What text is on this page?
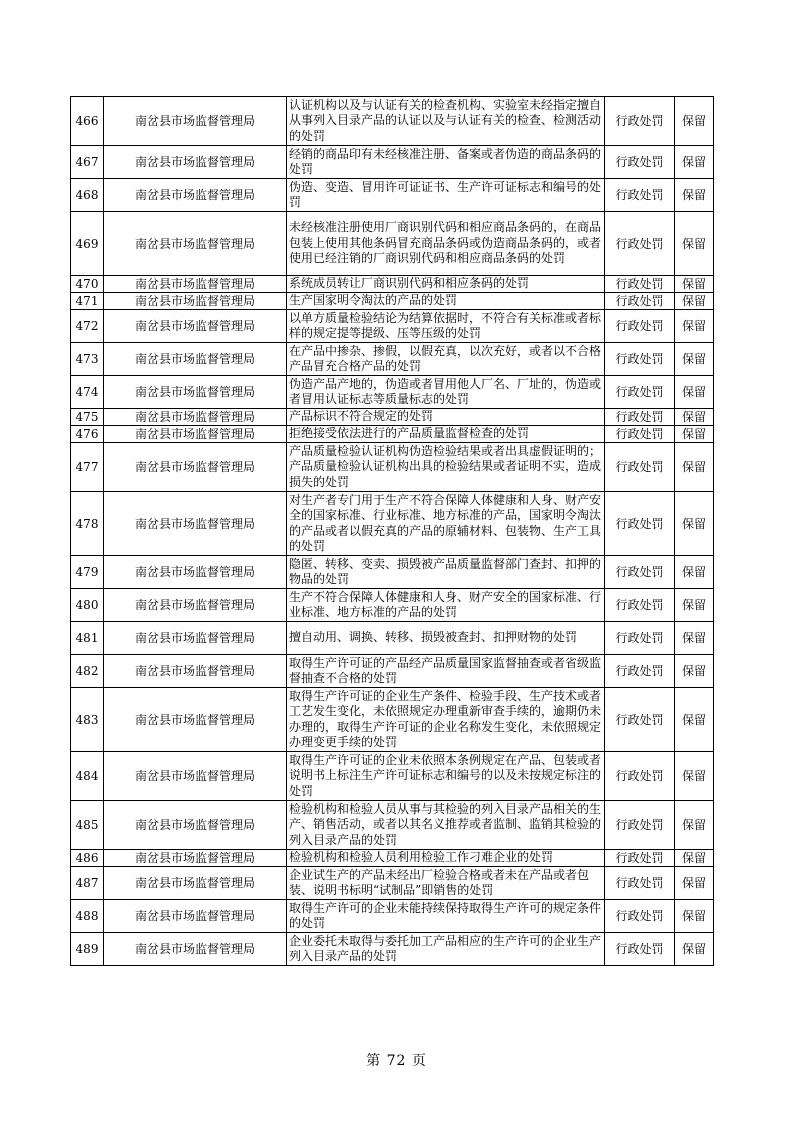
466	南岔县市场监督管理局	认证机构以及与认证有关的检查机构、实验室未经指定擅自从事列入目录产品的认证以及与认证有关的检查、检测活动的处罚	行政处罚	保留
467	南岔县市场监督管理局	经销的商品印有未经核准注册、备案或者伪造的商品条码的处罚	行政处罚	保留
468	南岔县市场监督管理局	伪造、变造、冒用许可证证书、生产许可证标志和编号的处罚	行政处罚	保留
469	南岔县市场监督管理局	未经核准注册使用厂商识别代码和相应商品条码的，在商品包装上使用其他条码冒充商品条码或伪造商品条码的，或者使用已经注销的厂商识别代码和相应商品条码的处罚	行政处罚	保留
470	南岔县市场监督管理局	系统成员转让厂商识别代码和相应条码的处罚	行政处罚	保留
471	南岔县市场监督管理局	生产国家明令淘汰的产品的处罚	行政处罚	保留
472	南岔县市场监督管理局	以单方质量检验结论为结算依据时，不符合有关标准或者标样的规定提等提级、压等压级的处罚	行政处罚	保留
473	南岔县市场监督管理局	在产品中掺杂、掺假，以假充真，以次充好，或者以不合格产品冒充合格产品的处罚	行政处罚	保留
474	南岔县市场监督管理局	伪造产品产地的，伪造或者冒用他人厂名、厂址的，伪造或者冒用认证标志等质量标志的处罚	行政处罚	保留
475	南岔县市场监督管理局	产品标识不符合规定的处罚	行政处罚	保留
476	南岔县市场监督管理局	拒绝接受依法进行的产品质量监督检查的处罚	行政处罚	保留
477	南岔县市场监督管理局	产品质量检验认证机构伪造检验结果或者出具虚假证明的；产品质量检验认证机构出具的检验结果或者证明不实，造成损失的处罚	行政处罚	保留
478	南岔县市场监督管理局	对生产者专门用于生产不符合保障人体健康和人身、财产安全的国家标准、行业标准、地方标准的产品，国家明令淘汰的产品或者以假充真的产品的原辅材料、包装物、生产工具的处罚	行政处罚	保留
479	南岔县市场监督管理局	隐匿、转移、变卖、损毁被产品质量监督部门查封、扣押的物品的处罚	行政处罚	保留
480	南岔县市场监督管理局	生产不符合保障人体健康和人身、财产安全的国家标准、行业标准、地方标准的产品的处罚	行政处罚	保留
481	南岔县市场监督管理局	擅自动用、调换、转移、损毁被查封、扣押财物的处罚	行政处罚	保留
482	南岔县市场监督管理局	取得生产许可证的产品经产品质量国家监督抽查或者省级监督抽查不合格的处罚	行政处罚	保留
483	南岔县市场监督管理局	取得生产许可证的企业生产条件、检验手段、生产技术或者工艺发生变化，未依照规定办理重新审查手续的，逾期仍未办理的，取得生产许可证的企业名称发生变化，未依照规定办理变更手续的处罚	行政处罚	保留
484	南岔县市场监督管理局	取得生产许可证的企业未依照本条例规定在产品、包装或者说明书上标注生产许可证标志和编号的以及未按规定标注的处罚	行政处罚	保留
485	南岔县市场监督管理局	检验机构和检验人员从事与其检验的列入目录产品相关的生产、销售活动，或者以其名义推荐或者监制、监销其检验的列入目录产品的处罚	行政处罚	保留
486	南岔县市场监督管理局	检验机构和检验人员利用检验工作刁难企业的处罚	行政处罚	保留
487	南岔县市场监督管理局	企业试生产的产品未经出厂检验合格或者未在产品或者包装、说明书标明“试制品”即销售的处罚	行政处罚	保留
488	南岔县市场监督管理局	取得生产许可的企业未能持续保持取得生产许可的规定条件的处罚	行政处罚	保留
489	南岔县市场监督管理局	企业委托未取得与委托加工产品相应的生产许可的企业生产列入目录产品的处罚	行政处罚	保留
第 72 页
